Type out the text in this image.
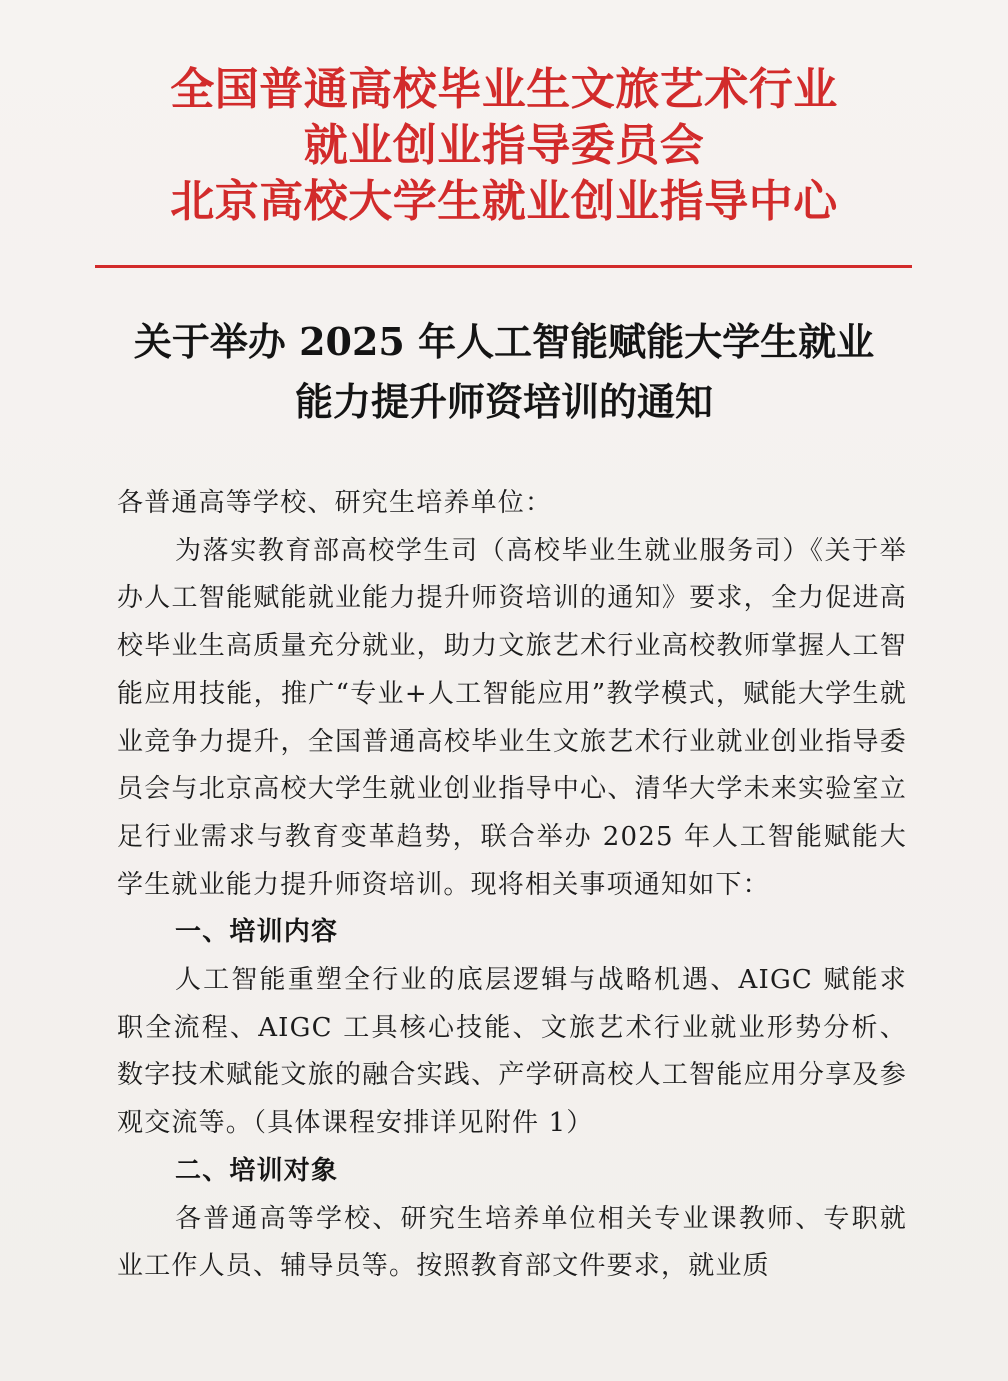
全国普通高校毕业生文旅艺术行业

就业创业指导委员会

北京高校大学生就业创业指导中心

关于举办 2025 年人工智能赋能大学生就业

能力提升师资培训的通知

各普通高等学校、研究生培养单位：

为落实教育部高校学生司（高校毕业生就业服务司）《关于举办人工智能赋能就业能力提升师资培训的通知》要求，全力促进高校毕业生高质量充分就业，助力文旅艺术行业高校教师掌握人工智能应用技能，推广“专业+人工智能应用”教学模式，赋能大学生就业竞争力提升，全国普通高校毕业生文旅艺术行业就业创业指导委员会与北京高校大学生就业创业指导中心、清华大学未来实验室立足行业需求与教育变革趋势，联合举办 2025 年人工智能赋能大学生就业能力提升师资培训。现将相关事项通知如下：

一、培训内容

人工智能重塑全行业的底层逻辑与战略机遇、AIGC 赋能求职全流程、AIGC 工具核心技能、文旅艺术行业就业形势分析、数字技术赋能文旅的融合实践、产学研高校人工智能应用分享及参观交流等。（具体课程安排详见附件 1）

二、培训对象

各普通高等学校、研究生培养单位相关专业课教师、专职就业工作人员、辅导员等。按照教育部文件要求，就业质
